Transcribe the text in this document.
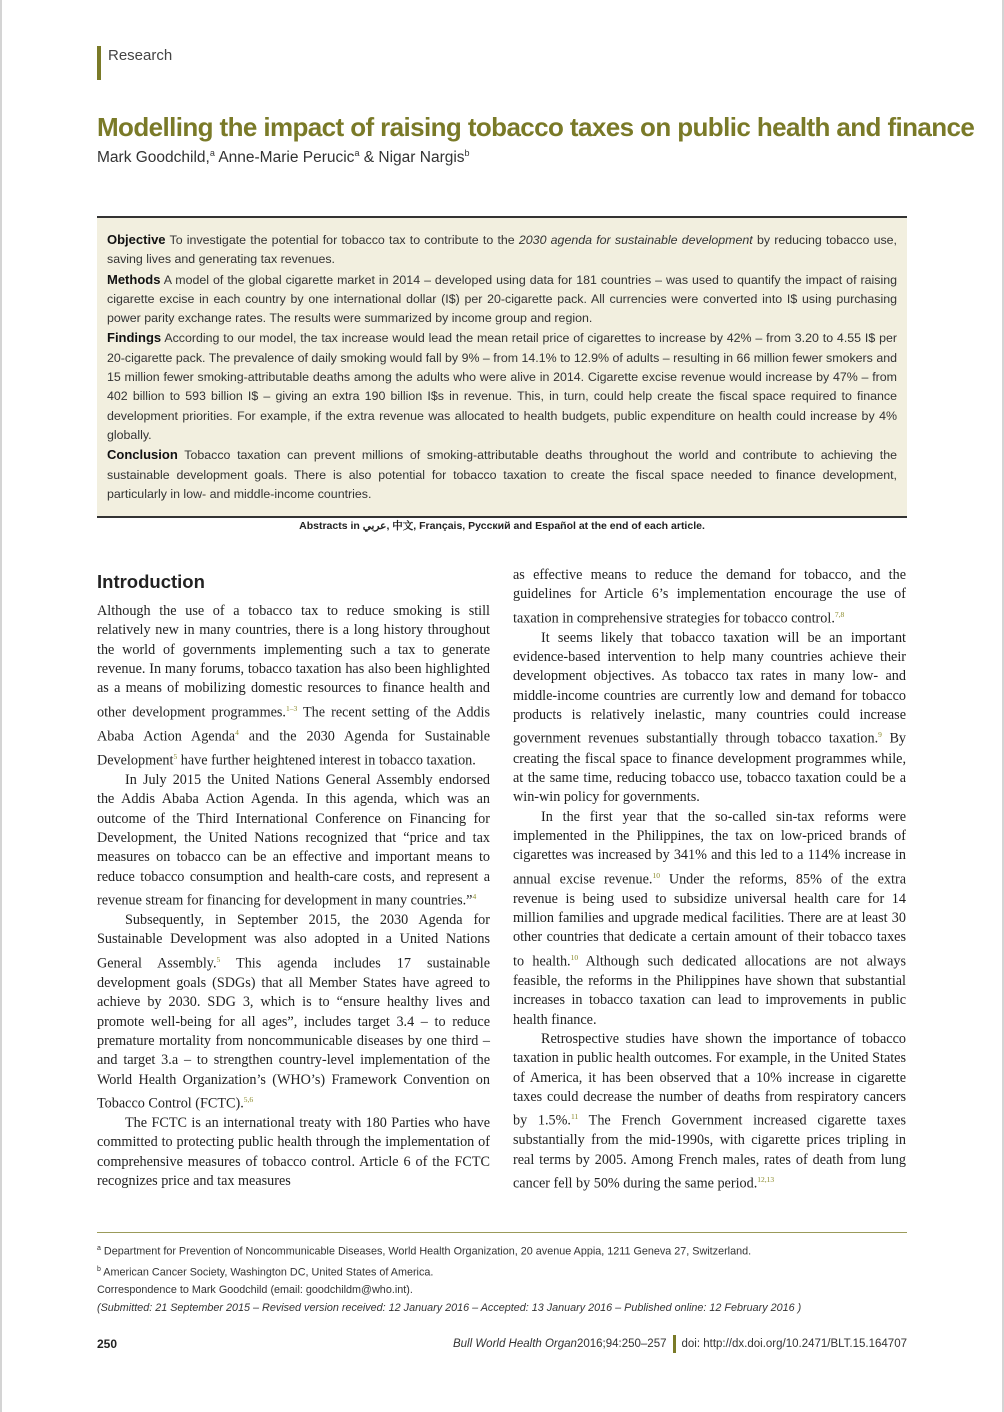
Research
Modelling the impact of raising tobacco taxes on public health and finance
Mark Goodchild,$^a$ Anne-Marie Perucic$^a$ & Nigar Nargis$^b$

Objective To investigate the potential for tobacco tax to contribute to the 2030 agenda for sustainable development by reducing tobacco use, saving lives and generating tax revenues.

Methods A model of the global cigarette market in 2014 – developed using data for 181 countries – was used to quantify the impact of raising cigarette excise in each country by one international dollar (I$) per 20-cigarette pack. All currencies were converted into I$ using purchasing power parity exchange rates. The results were summarized by income group and region.

Findings According to our model, the tax increase would lead the mean retail price of cigarettes to increase by 42% – from 3.20 to 4.55 I$ per 20-cigarette pack. The prevalence of daily smoking would fall by 9% – from 14.1% to 12.9% of adults – resulting in 66 million fewer smokers and 15 million fewer smoking-attributable deaths among the adults who were alive in 2014. Cigarette excise revenue would increase by 47% – from 402 billion to 593 billion I$ – giving an extra 190 billion I$s in revenue. This, in turn, could help create the fiscal space required to finance development priorities. For example, if the extra revenue was allocated to health budgets, public expenditure on health could increase by 4% globally.

Conclusion Tobacco taxation can prevent millions of smoking-attributable deaths throughout the world and contribute to achieving the sustainable development goals. There is also potential for tobacco taxation to create the fiscal space needed to finance development, particularly in low- and middle-income countries.

Abstracts in عربي, 中文, Français, Русский and Español at the end of each article.
Introduction

Although the use of a tobacco tax to reduce smoking is still relatively new in many countries, there is a long history throughout the world of governments implementing such a tax to generate revenue. In many forums, tobacco taxation has also been highlighted as a means of mobilizing domestic resources to finance health and other development programmes.$^{1-3}$ The recent setting of the Addis Ababa Action Agenda$^4$ and the 2030 Agenda for Sustainable Development$^5$ have further heightened interest in tobacco taxation.

In July 2015 the United Nations General Assembly endorsed the Addis Ababa Action Agenda. In this agenda, which was an outcome of the Third International Conference on Financing for Development, the United Nations recognized that “price and tax measures on tobacco can be an effective and important means to reduce tobacco consumption and health-care costs, and represent a revenue stream for financing for development in many countries.”$^4$

Subsequently, in September 2015, the 2030 Agenda for Sustainable Development was also adopted in a United Nations General Assembly.$^5$ This agenda includes 17 sustainable development goals (SDGs) that all Member States have agreed to achieve by 2030. SDG 3, which is to “ensure healthy lives and promote well-being for all ages”, includes target 3.4 – to reduce premature mortality from noncommunicable diseases by one third – and target 3.a – to strengthen country-level implementation of the World Health Organization’s (WHO’s) Framework Convention on Tobacco Control (FCTC).$^{5,6}$

The FCTC is an international treaty with 180 Parties who have committed to protecting public health through the implementation of comprehensive measures of tobacco control. Article 6 of the FCTC recognizes price and tax measures

as effective means to reduce the demand for tobacco, and the guidelines for Article 6’s implementation encourage the use of taxation in comprehensive strategies for tobacco control.$^{7,8}$

It seems likely that tobacco taxation will be an important evidence-based intervention to help many countries achieve their development objectives. As tobacco tax rates in many low- and middle-income countries are currently low and demand for tobacco products is relatively inelastic, many countries could increase government revenues substantially through tobacco taxation.$^9$ By creating the fiscal space to finance development programmes while, at the same time, reducing tobacco use, tobacco taxation could be a win-win policy for governments.

In the first year that the so-called sin-tax reforms were implemented in the Philippines, the tax on low-priced brands of cigarettes was increased by 341% and this led to a 114% increase in annual excise revenue.$^{10}$ Under the reforms, 85% of the extra revenue is being used to subsidize universal health care for 14 million families and upgrade medical facilities. There are at least 30 other countries that dedicate a certain amount of their tobacco taxes to health.$^{10}$ Although such dedicated allocations are not always feasible, the reforms in the Philippines have shown that substantial increases in tobacco taxation can lead to improvements in public health finance.

Retrospective studies have shown the importance of tobacco taxation in public health outcomes. For example, in the United States of America, it has been observed that a 10% increase in cigarette taxes could decrease the number of deaths from respiratory cancers by 1.5%.$^{11}$ The French Government increased cigarette taxes substantially from the mid-1990s, with cigarette prices tripling in real terms by 2005. Among French males, rates of death from lung cancer fell by 50% during the same period.$^{12,13}$

$^a$ Department for Prevention of Noncommunicable Diseases, World Health Organization, 20 avenue Appia, 1211 Geneva 27, Switzerland.

$^b$ American Cancer Society, Washington DC, United States of America.

Correspondence to Mark Goodchild (email: goodchildm@who.int).

(Submitted: 21 September 2015 – Revised version received: 12 January 2016 – Accepted: 13 January 2016 – Published online: 12 February 2016 )

250	Bull World Health Organ 2016;94:250–257 doi: http://dx.doi.org/10.2471/BLT.15.164707
